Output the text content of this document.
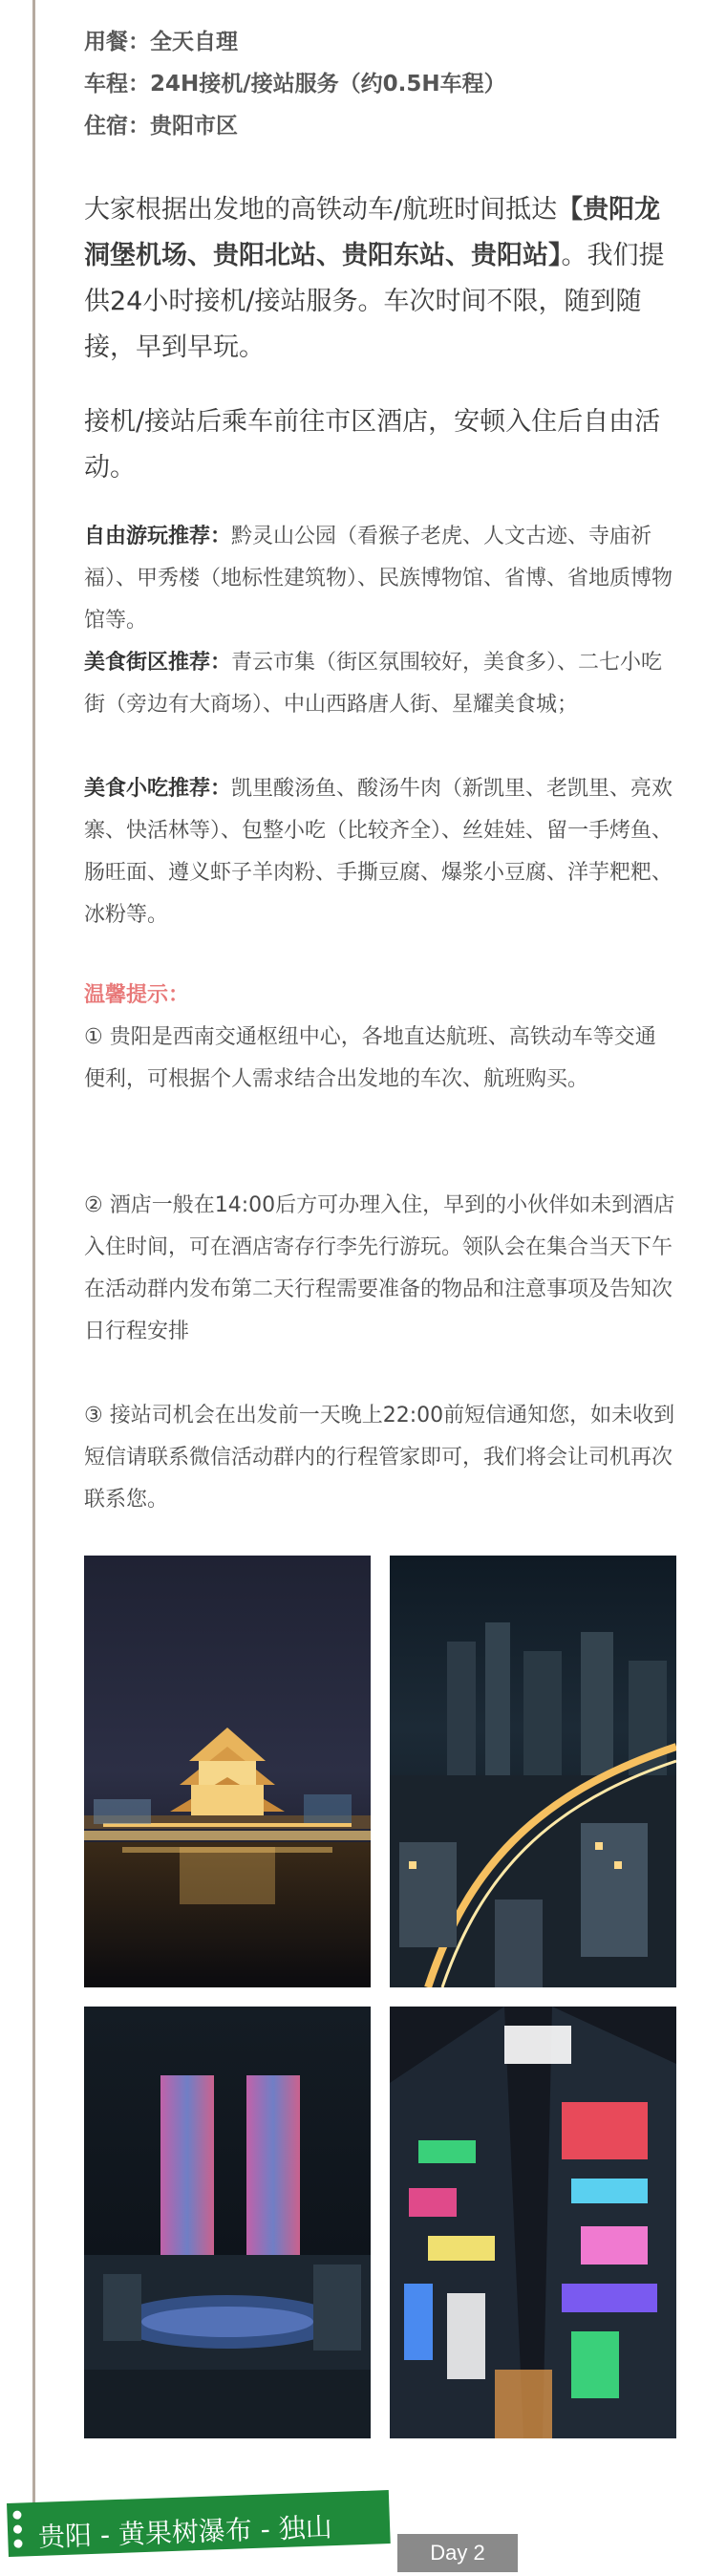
用餐：全天自理
车程：24H接机/接站服务（约0.5H车程）
住宿：贵阳市区
大家根据出发地的高铁动车/航班时间抵达【贵阳龙洞堡机场、贵阳北站、贵阳东站、贵阳站】。我们提供24小时接机/接站服务。车次时间不限，随到随接，早到早玩。
接机/接站后乘车前往市区酒店，安顿入住后自由活动。
自由游玩推荐：黔灵山公园（看猴子老虎、人文古迹、寺庙祈福）、甲秀楼（地标性建筑物）、民族博物馆、省博、省地质博物馆等。
美食街区推荐：青云市集（街区氛围较好，美食多）、二七小吃街（旁边有大商场）、中山西路唐人街、星耀美食城；
美食小吃推荐：凯里酸汤鱼、酸汤牛肉（新凯里、老凯里、亮欢寨、快活林等）、包整小吃（比较齐全）、丝娃娃、留一手烤鱼、肠旺面、遵义虾子羊肉粉、手撕豆腐、爆浆小豆腐、洋芋粑粑、冰粉等。
温馨提示：
① 贵阳是西南交通枢纽中心，各地直达航班、高铁动车等交通便利，可根据个人需求结合出发地的车次、航班购买。
② 酒店一般在14:00后方可办理入住，早到的小伙伴如未到酒店入住时间，可在酒店寄存行李先行游玩。领队会在集合当天下午在活动群内发布第二天行程需要准备的物品和注意事项及告知次日行程安排
③ 接站司机会在出发前一天晚上22:00前短信通知您，如未收到短信请联系微信活动群内的行程管家即可，我们将会让司机再次联系您。
贵阳 - 黄果树瀑布 - 独山	Day 2
